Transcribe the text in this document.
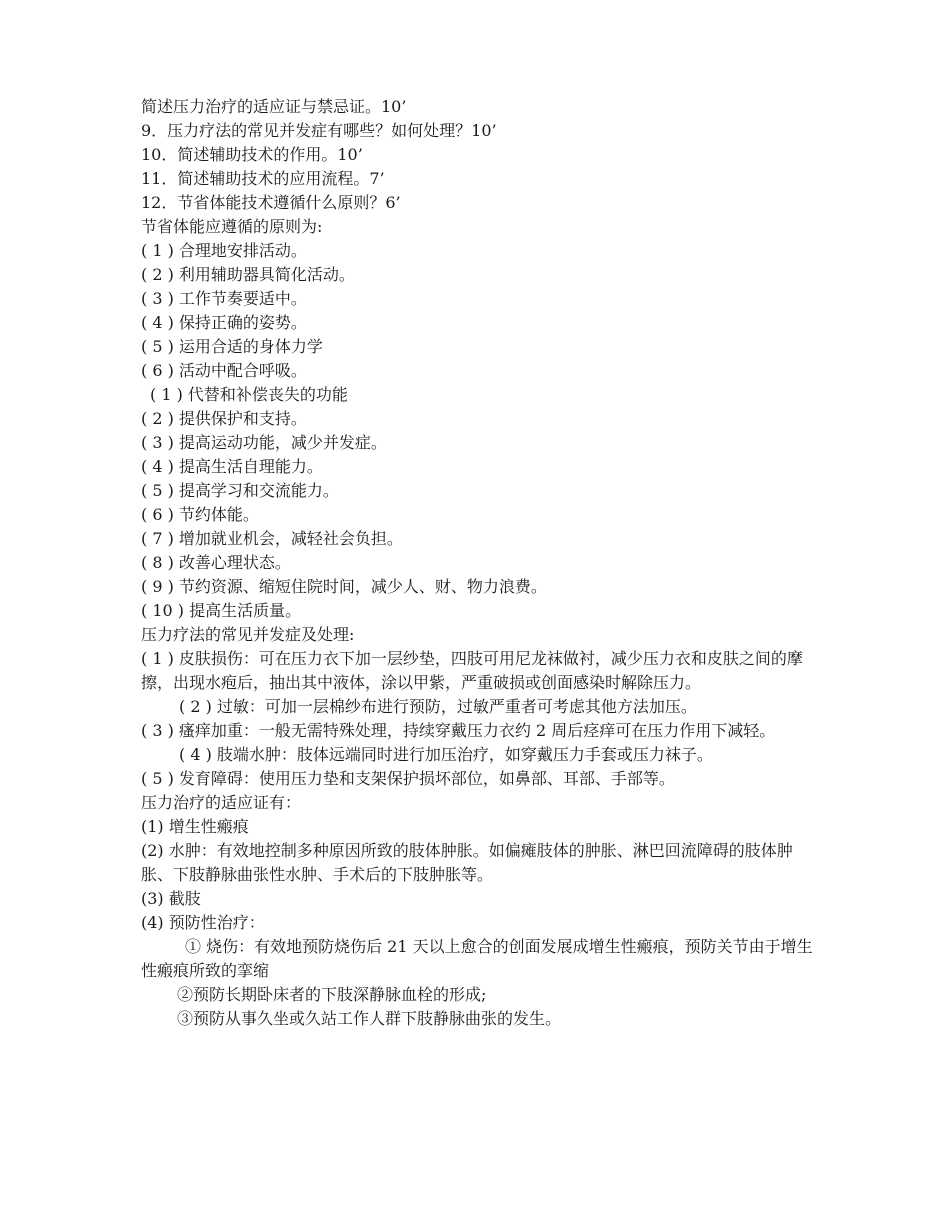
简述压力治疗的适应证与禁忌证。10’
9．压力疗法的常见并发症有哪些？如何处理？10’
10．简述辅助技术的作用。10’
11．简述辅助技术的应用流程。7’
12．节省体能技术遵循什么原则？6’
节省体能应遵循的原则为:
( 1 ) 合理地安排活动。
( 2 ) 利用辅助器具简化活动。
( 3 ) 工作节奏要适中。
( 4 ) 保持正确的姿势。
( 5 ) 运用合适的身体力学
( 6 ) 活动中配合呼吸。
( 1 ) 代替和补偿丧失的功能
( 2 ) 提供保护和支持。
( 3 ) 提高运动功能，减少并发症。
( 4 ) 提高生活自理能力。
( 5 ) 提高学习和交流能力。
( 6 ) 节约体能。
( 7 ) 增加就业机会，减轻社会负担。
( 8 ) 改善心理状态。
( 9 ) 节约资源、缩短住院时间，减少人、财、物力浪费。
( 10 ) 提高生活质量。
压力疗法的常见并发症及处理:
( 1 ) 皮肤损伤：可在压力衣下加一层纱垫，四肢可用尼龙袜做衬，减少压力衣和皮肤之间的摩擦，出现水疱后，抽出其中液体，涂以甲紫，严重破损或创面感染时解除压力。
( 2 ) 过敏：可加一层棉纱布进行预防，过敏严重者可考虑其他方法加压。
( 3 ) 瘙痒加重：一般无需特殊处理，持续穿戴压力衣约 2 周后痉痒可在压力作用下减轻。
( 4 ) 肢端水肿：肢体远端同时进行加压治疗，如穿戴压力手套或压力袜子。
( 5 ) 发育障碍：使用压力垫和支架保护损坏部位，如鼻部、耳部、手部等。
压力治疗的适应证有：
(1) 增生性瘢痕
(2) 水肿：有效地控制多种原因所致的肢体肿胀。如偏瘫肢体的肿胀、淋巴回流障碍的肢体肿胀、下肢静脉曲张性水肿、手术后的下肢肿胀等。
(3) 截肢
(4) 预防性治疗：
① 烧伤：有效地预防烧伤后 21 天以上愈合的创面发展成增生性瘢痕，预防关节由于增生性瘢痕所致的挛缩
②预防长期卧床者的下肢深静脉血栓的形成;
③预防从事久坐或久站工作人群下肢静脉曲张的发生。
